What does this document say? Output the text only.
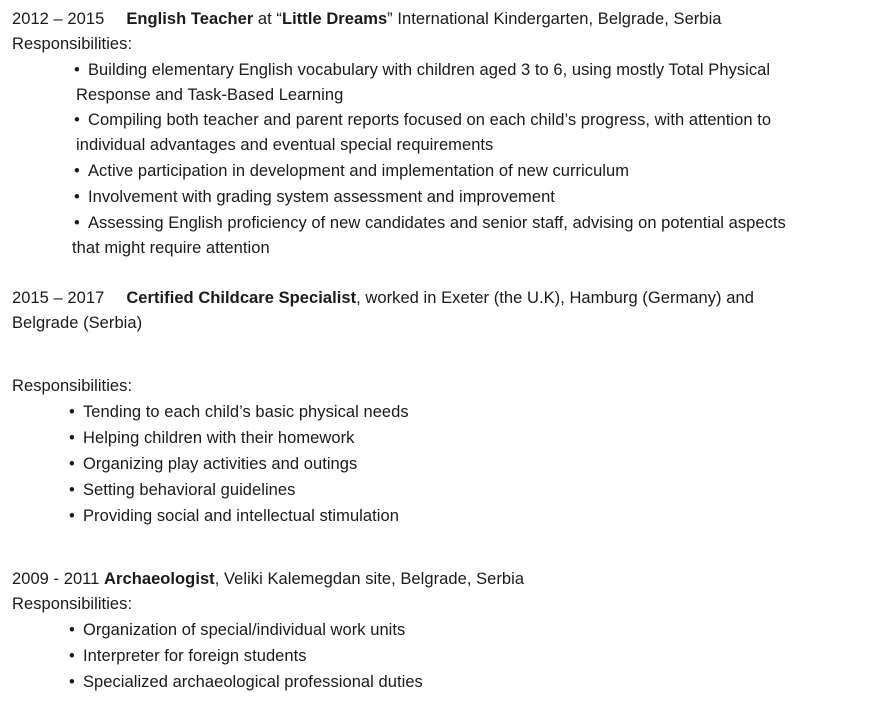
2012 – 2015 English Teacher at “Little Dreams” International Kindergarten, Belgrade, Serbia
Responsibilities:
• Building elementary English vocabulary with children aged 3 to 6, using mostly Total Physical
Response and Task-Based Learning
• Compiling both teacher and parent reports focused on each child’s progress, with attention to
individual advantages and eventual special requirements
• Active participation in development and implementation of new curriculum
• Involvement with grading system assessment and improvement
• Assessing English proficiency of new candidates and senior staff, advising on potential aspects
that might require attention
2015 – 2017 Certified Childcare Specialist, worked in Exeter (the U.K), Hamburg (Germany) and
Belgrade (Serbia)
Responsibilities:
• Tending to each child’s basic physical needs
• Helping children with their homework
• Organizing play activities and outings
• Setting behavioral guidelines
• Providing social and intellectual stimulation
2009 - 2011 Archaeologist, Veliki Kalemegdan site, Belgrade, Serbia
Responsibilities:
• Organization of special/individual work units
• Interpreter for foreign students
• Specialized archaeological professional duties
